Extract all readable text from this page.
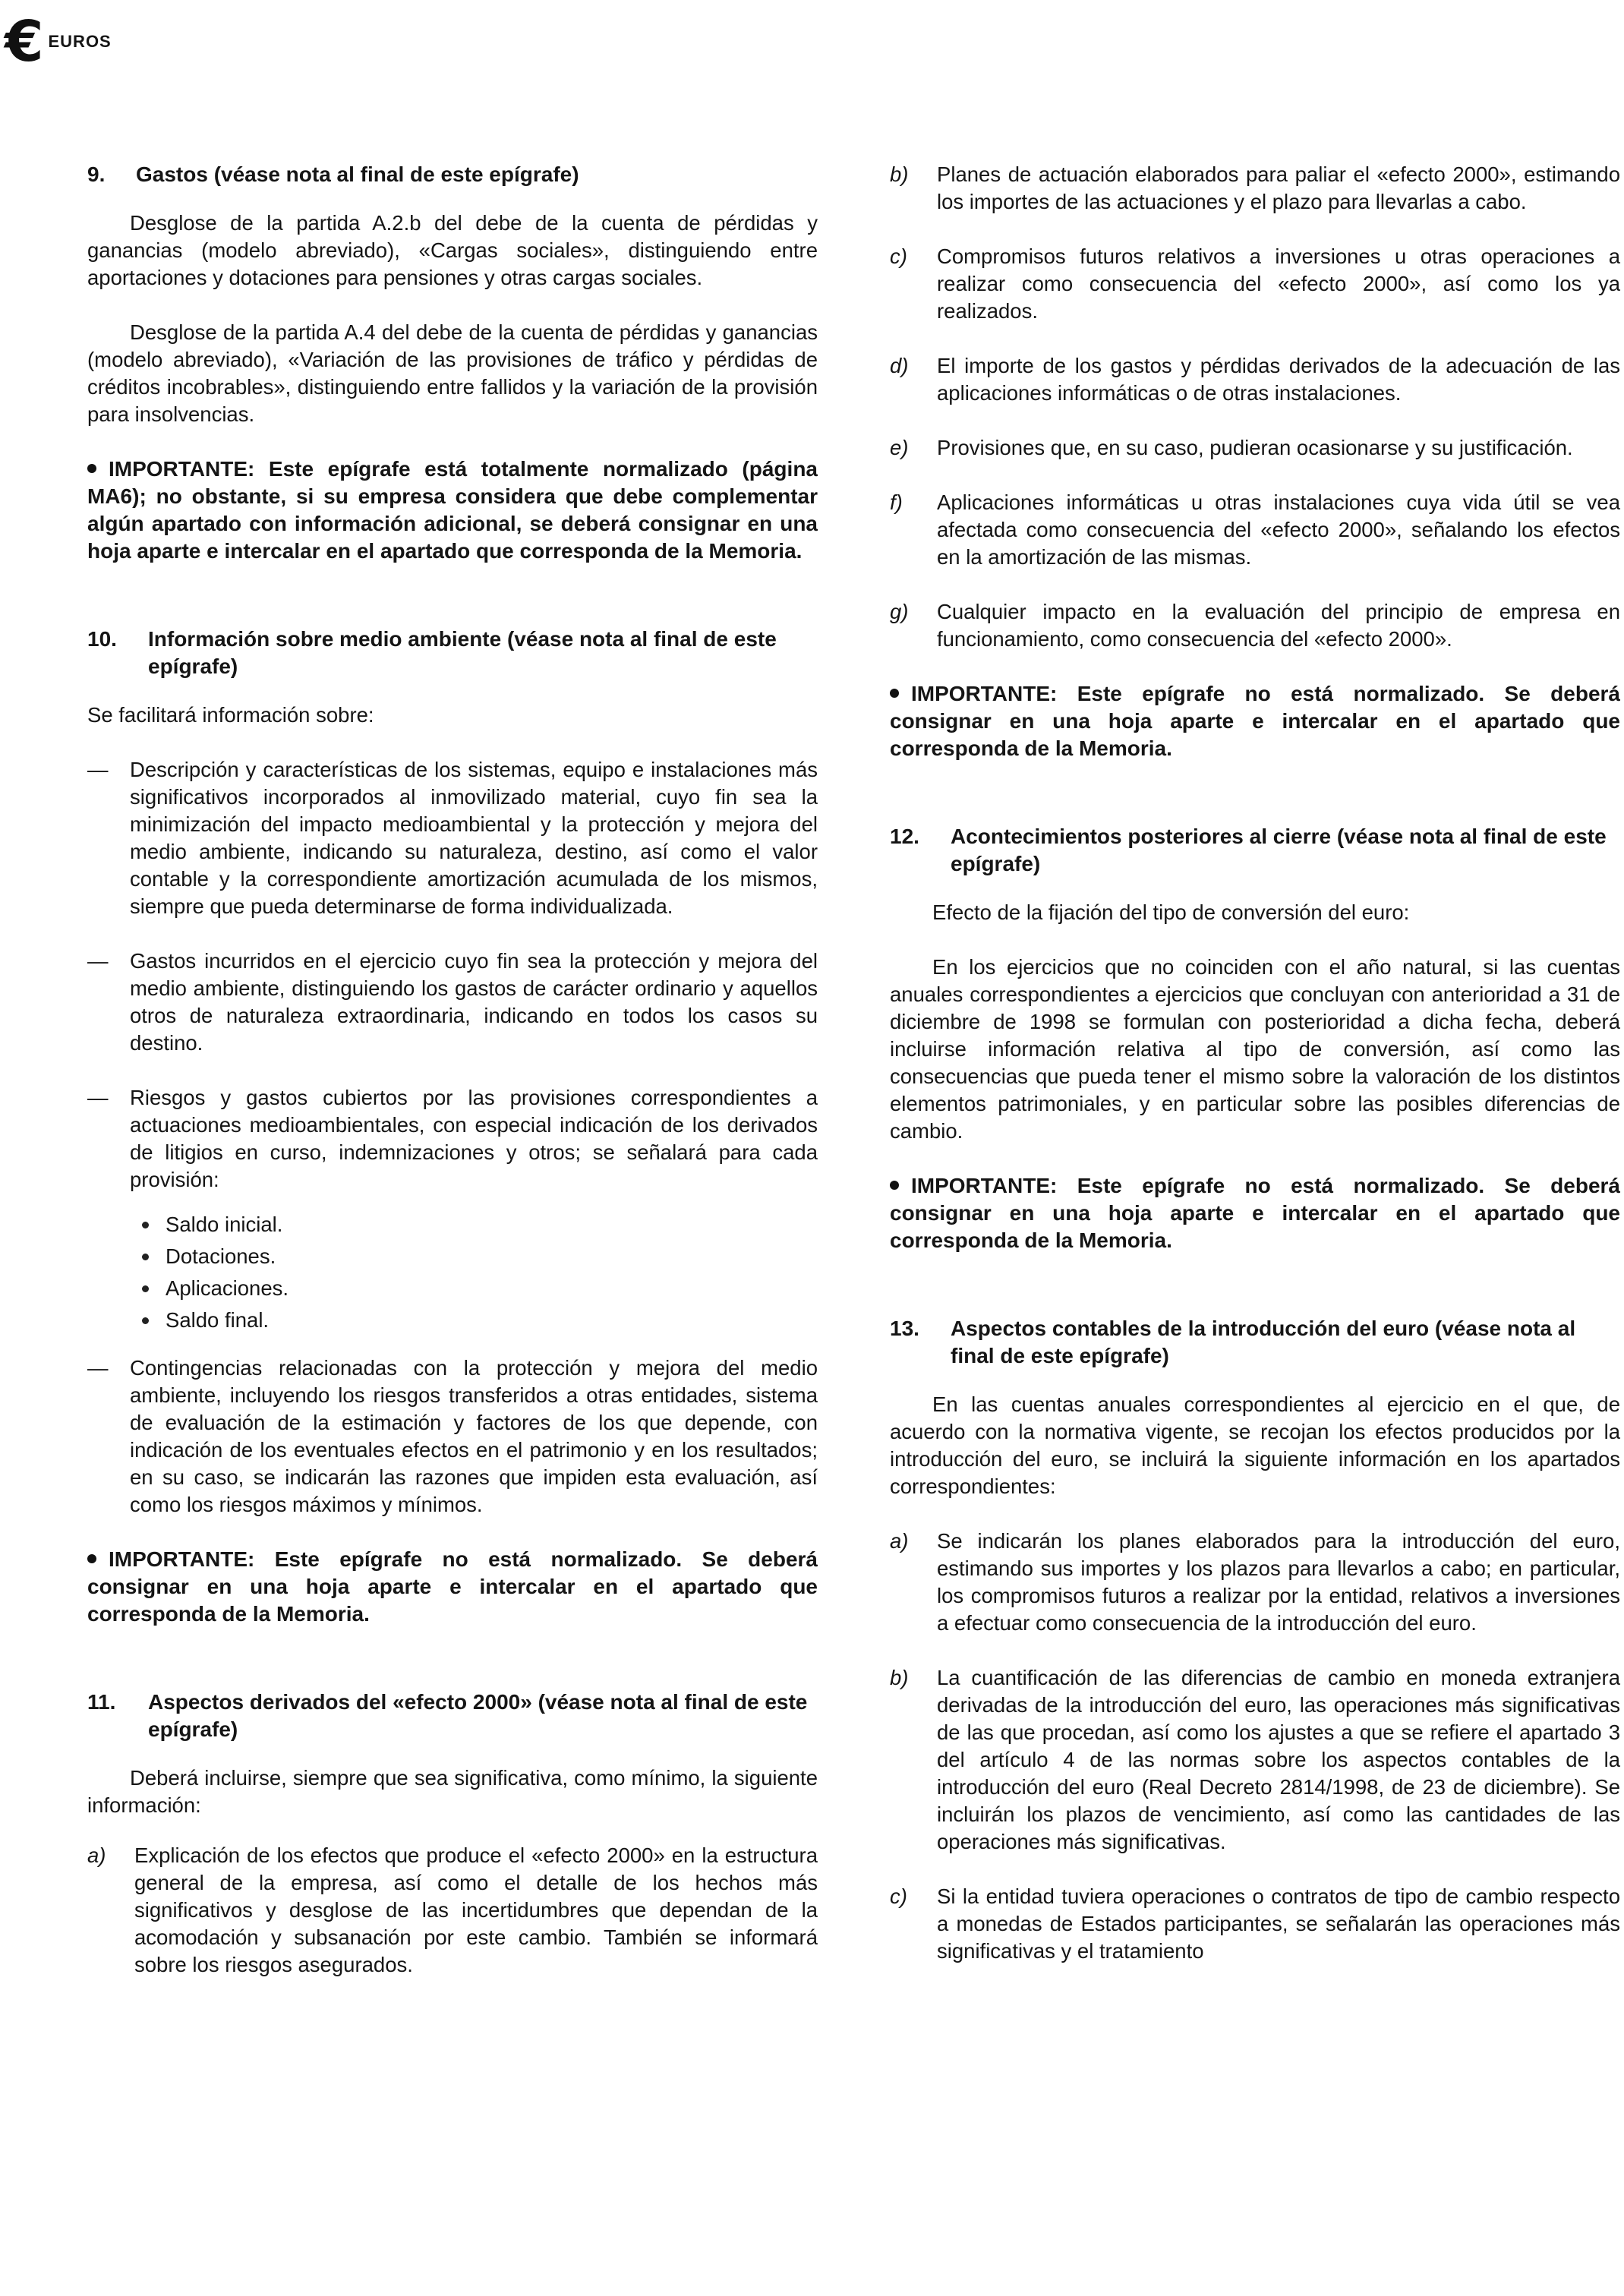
€ EUROS
9.	Gastos (véase nota al final de este epígrafe)

Desglose de la partida A.2.b del debe de la cuenta de pérdidas y ganancias (modelo abreviado), «Cargas sociales», distinguiendo entre aportaciones y dotaciones para pensiones y otras cargas sociales.

Desglose de la partida A.4 del debe de la cuenta de pérdidas y ganancias (modelo abreviado), «Variación de las provisiones de tráfico y pérdidas de créditos incobrables», distinguiendo entre fallidos y la variación de la provisión para insolvencias.

IMPORTANTE: Este epígrafe está totalmente normalizado (página MA6); no obstante, si su empresa considera que debe complementar algún apartado con información adicional, se deberá consignar en una hoja aparte e intercalar en el apartado que corresponda de la Memoria.

10.	Información sobre medio ambiente (véase nota al final de este epígrafe)

Se facilitará información sobre:

—	Descripción y características de los sistemas, equipo e instalaciones más significativos incorporados al inmovilizado material, cuyo fin sea la minimización del impacto medioambiental y la protección y mejora del medio ambiente, indicando su naturaleza, destino, así como el valor contable y la correspondiente amortización acumulada de los mismos, siempre que pueda determinarse de forma individualizada.
—	Gastos incurridos en el ejercicio cuyo fin sea la protección y mejora del medio ambiente, distinguiendo los gastos de carácter ordinario y aquellos otros de naturaleza extraordinaria, indicando en todos los casos su destino.
—	Riesgos y gastos cubiertos por las provisiones correspondientes a actuaciones medioambientales, con especial indicación de los derivados de litigios en curso, indemnizaciones y otros; se señalará para cada provisión:
Saldo inicial.
Dotaciones.
Aplicaciones.
Saldo final.
—	Contingencias relacionadas con la protección y mejora del medio ambiente, incluyendo los riesgos transferidos a otras entidades, sistema de evaluación de la estimación y factores de los que depende, con indicación de los eventuales efectos en el patrimonio y en los resultados; en su caso, se indicarán las razones que impiden esta evaluación, así como los riesgos máximos y mínimos.

IMPORTANTE: Este epígrafe no está normalizado. Se deberá consignar en una hoja aparte e intercalar en el apartado que corresponda de la Memoria.

11.	Aspectos derivados del «efecto 2000» (véase nota al final de este epígrafe)

Deberá incluirse, siempre que sea significativa, como mínimo, la siguiente información:

a)	Explicación de los efectos que produce el «efecto 2000» en la estructura general de la empresa, así como el detalle de los hechos más significativos y desglose de las incertidumbres que dependan de la acomodación y subsanación por este cambio. También se informará sobre los riesgos asegurados.
b)	Planes de actuación elaborados para paliar el «efecto 2000», estimando los importes de las actuaciones y el plazo para llevarlas a cabo.
c)	Compromisos futuros relativos a inversiones u otras operaciones a realizar como consecuencia del «efecto 2000», así como los ya realizados.
d)	El importe de los gastos y pérdidas derivados de la adecuación de las aplicaciones informáticas o de otras instalaciones.
e)	Provisiones que, en su caso, pudieran ocasionarse y su justificación.
f)	Aplicaciones informáticas u otras instalaciones cuya vida útil se vea afectada como consecuencia del «efecto 2000», señalando los efectos en la amortización de las mismas.
g)	Cualquier impacto en la evaluación del principio de empresa en funcionamiento, como consecuencia del «efecto 2000».

IMPORTANTE: Este epígrafe no está normalizado. Se deberá consignar en una hoja aparte e intercalar en el apartado que corresponda de la Memoria.

12.	Acontecimientos posteriores al cierre (véase nota al final de este epígrafe)

Efecto de la fijación del tipo de conversión del euro:

En los ejercicios que no coinciden con el año natural, si las cuentas anuales correspondientes a ejercicios que concluyan con anterioridad a 31 de diciembre de 1998 se formulan con posterioridad a dicha fecha, deberá incluirse información relativa al tipo de conversión, así como las consecuencias que pueda tener el mismo sobre la valoración de los distintos elementos patrimoniales, y en particular sobre las posibles diferencias de cambio.

IMPORTANTE: Este epígrafe no está normalizado. Se deberá consignar en una hoja aparte e intercalar en el apartado que corresponda de la Memoria.

13.	Aspectos contables de la introducción del euro (véase nota al final de este epígrafe)

En las cuentas anuales correspondientes al ejercicio en el que, de acuerdo con la normativa vigente, se recojan los efectos producidos por la introducción del euro, se incluirá la siguiente información en los apartados correspondientes:

a)	Se indicarán los planes elaborados para la introducción del euro, estimando sus importes y los plazos para llevarlos a cabo; en particular, los compromisos futuros a realizar por la entidad, relativos a inversiones a efectuar como consecuencia de la introducción del euro.
b)	La cuantificación de las diferencias de cambio en moneda extranjera derivadas de la introducción del euro, las operaciones más significativas de las que procedan, así como los ajustes a que se refiere el apartado 3 del artículo 4 de las normas sobre los aspectos contables de la introducción del euro (Real Decreto 2814/1998, de 23 de diciembre). Se incluirán los plazos de vencimiento, así como las cantidades de las operaciones más significativas.
c)	Si la entidad tuviera operaciones o contratos de tipo de cambio respecto a monedas de Estados participantes, se señalarán las operaciones más significativas y el tratamiento
